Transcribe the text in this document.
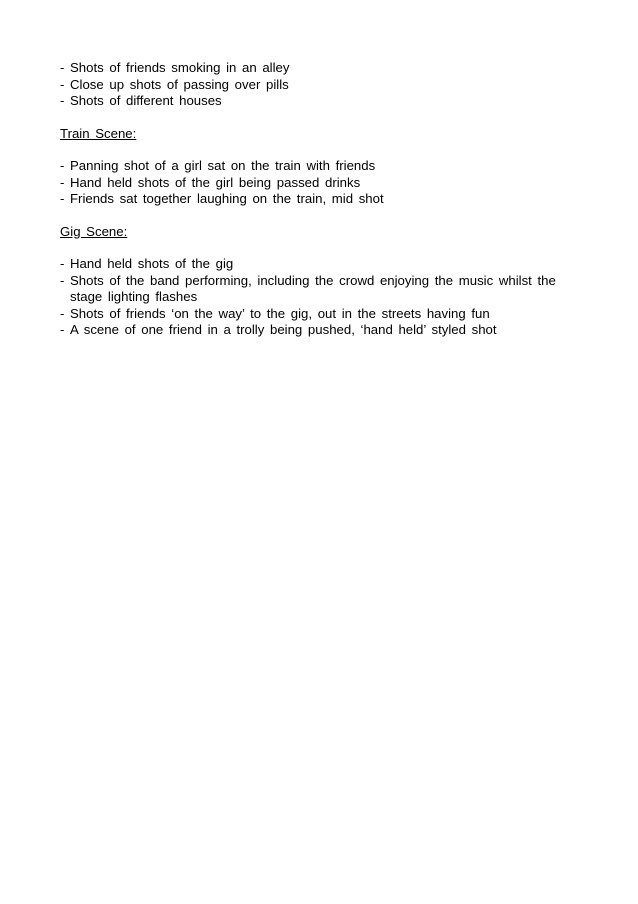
- Shots of friends smoking in an alley
- Close up shots of passing over pills
- Shots of different houses

Train Scene:

- Panning shot of a girl sat on the train with friends
- Hand held shots of the girl being passed drinks
- Friends sat together laughing on the train, mid shot

Gig Scene:

- Hand held shots of the gig
- Shots of the band performing, including the crowd enjoying the music whilst the stage lighting flashes
- Shots of friends ‘on the way’ to the gig, out in the streets having fun
- A scene of one friend in a trolly being pushed, ‘hand held’ styled shot
